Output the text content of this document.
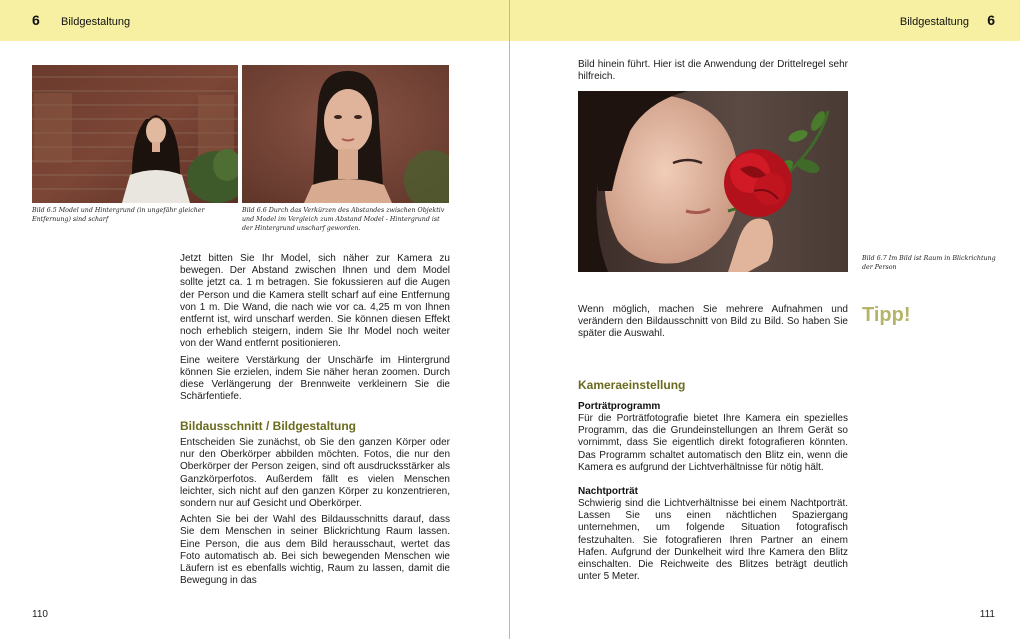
6 Bildgestaltung
Bild 6.5 Model und Hintergrund (in ungefähr gleicher Entfernung) sind scharf
Bild 6.6 Durch das Verkürzen des Abstandes zwischen Objektiv und Model im Vergleich zum Abstand Model - Hintergrund ist der Hintergrund unscharf geworden.

Jetzt bitten Sie Ihr Model, sich näher zur Kamera zu bewegen. Der Abstand zwischen Ihnen und dem Model sollte jetzt ca. 1 m betragen. Sie fokussieren auf die Augen der Person und die Kamera stellt scharf auf eine Entfernung von 1 m. Die Wand, die nach wie vor ca. 4,25 m von Ihnen entfernt ist, wird unscharf werden. Sie können diesen Effekt noch erheblich steigern, indem Sie Ihr Model noch weiter von der Wand entfernt positionieren.

Eine weitere Verstärkung der Unschärfe im Hintergrund können Sie erzielen, indem Sie näher heran zoomen. Durch diese Verlängerung der Brennweite verkleinern Sie die Schärfentiefe.

Bildausschnitt / Bildgestaltung

Entscheiden Sie zunächst, ob Sie den ganzen Körper oder nur den Oberkörper abbilden möchten. Fotos, die nur den Oberkörper der Person zeigen, sind oft ausdrucksstärker als Ganzkörperfotos. Außerdem fällt es vielen Menschen leichter, sich nicht auf den ganzen Körper zu konzentrieren, sondern nur auf Gesicht und Oberkörper.

Achten Sie bei der Wahl des Bildausschnitts darauf, dass Sie dem Menschen in seiner Blickrichtung Raum lassen. Eine Person, die aus dem Bild herausschaut, wertet das Foto automatisch ab. Bei sich bewegenden Menschen wie Läufern ist es ebenfalls wichtig, Raum zu lassen, damit die Bewegung in das

110
Bildgestaltung 6

Bild hinein führt. Hier ist die Anwendung der Drittelregel sehr hilfreich.

Bild 6.7 Im Bild ist Raum in Blickrichtung der Person

Wenn möglich, machen Sie mehrere Aufnahmen und verändern den Bildausschnitt von Bild zu Bild. So haben Sie später die Auswahl.

Tipp!
Kameraeinstellung
Porträtprogramm

Für die Porträtfotografie bietet Ihre Kamera ein spezielles Programm, das die Grundeinstellungen an Ihrem Gerät so vornimmt, dass Sie eigentlich direkt fotografieren könnten. Das Programm schaltet automatisch den Blitz ein, wenn die Kamera es aufgrund der Lichtverhältnisse für nötig hält.

Nachtporträt

Schwierig sind die Lichtverhältnisse bei einem Nachtporträt. Lassen Sie uns einen nächtlichen Spaziergang unternehmen, um folgende Situation fotografisch festzuhalten. Sie fotografieren Ihren Partner an einem Hafen. Aufgrund der Dunkelheit wird Ihre Kamera den Blitz einschalten. Die Reichweite des Blitzes beträgt deutlich unter 5 Meter.

111
